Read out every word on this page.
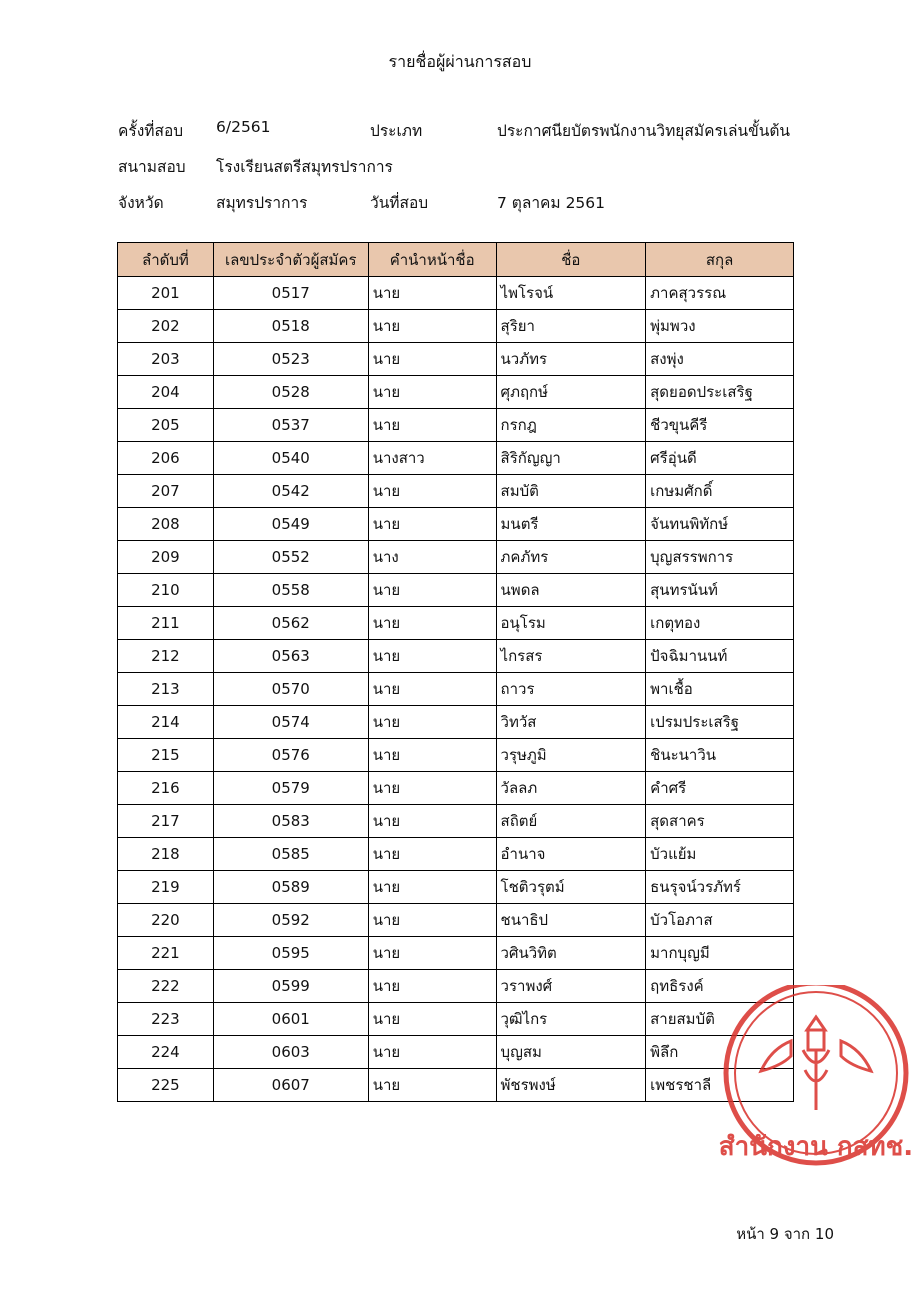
รายชื่อผู้ผ่านการสอบ
ครั้งที่สอบ 6/2561	ประเภท	ประกาศนียบัตรพนักงานวิทยุสมัครเล่นขั้นต้น
สนามสอบ โรงเรียนสตรีสมุทรปราการ
จังหวัด	สมุทรปราการ	วันที่สอบ	7 ตุลาคม 2561
ลำดับที่	เลขประจำตัวผู้สมัคร	คำนำหน้าชื่อ	ชื่อ	สกุล
201	0517	นาย	ไพโรจน์	ภาคสุวรรณ
202	0518	นาย	สุริยา	พุ่มพวง
203	0523	นาย	นวภัทร	สงพุ่ง
204	0528	นาย	ศุภฤกษ์	สุดยอดประเสริฐ
205	0537	นาย	กรกฎ	ชีวขุนคีรี
206	0540	นางสาว	สิริกัญญา	ศรีอุ่นดี
207	0542	นาย	สมบัติ	เกษมศักดิ์
208	0549	นาย	มนตรี	จันทนพิทักษ์
209	0552	นาง	ภคภัทร	บุญสรรพการ
210	0558	นาย	นพดล	สุนทรนันท์
211	0562	นาย	อนุโรม	เกตุทอง
212	0563	นาย	ไกรสร	ปัจฉิมานนท์
213	0570	นาย	ถาวร	พาเชื้อ
214	0574	นาย	วิทวัส	เปรมประเสริฐ
215	0576	นาย	วรุษภูมิ	ชินะนาวิน
216	0579	นาย	วัลลภ	คำศรี
217	0583	นาย	สถิตย์	สุดสาคร
218	0585	นาย	อำนาจ	บัวแย้ม
219	0589	นาย	โชติวรุตม์	ธนรุจน์วรภัทร์
220	0592	นาย	ชนาธิป	บัวโอภาส
221	0595	นาย	วศินวิทิต	มากบุญมี
222	0599	นาย	วราพงศ์	ฤทธิรงค์
223	0601	นาย	วุฒิไกร	สายสมบัติ
224	0603	นาย	บุญสม	พิลึก
225	0607	นาย	พัชรพงษ์	เพชรชาลี
สำนักงาน กสทช.
หน้า 9 จาก 10
